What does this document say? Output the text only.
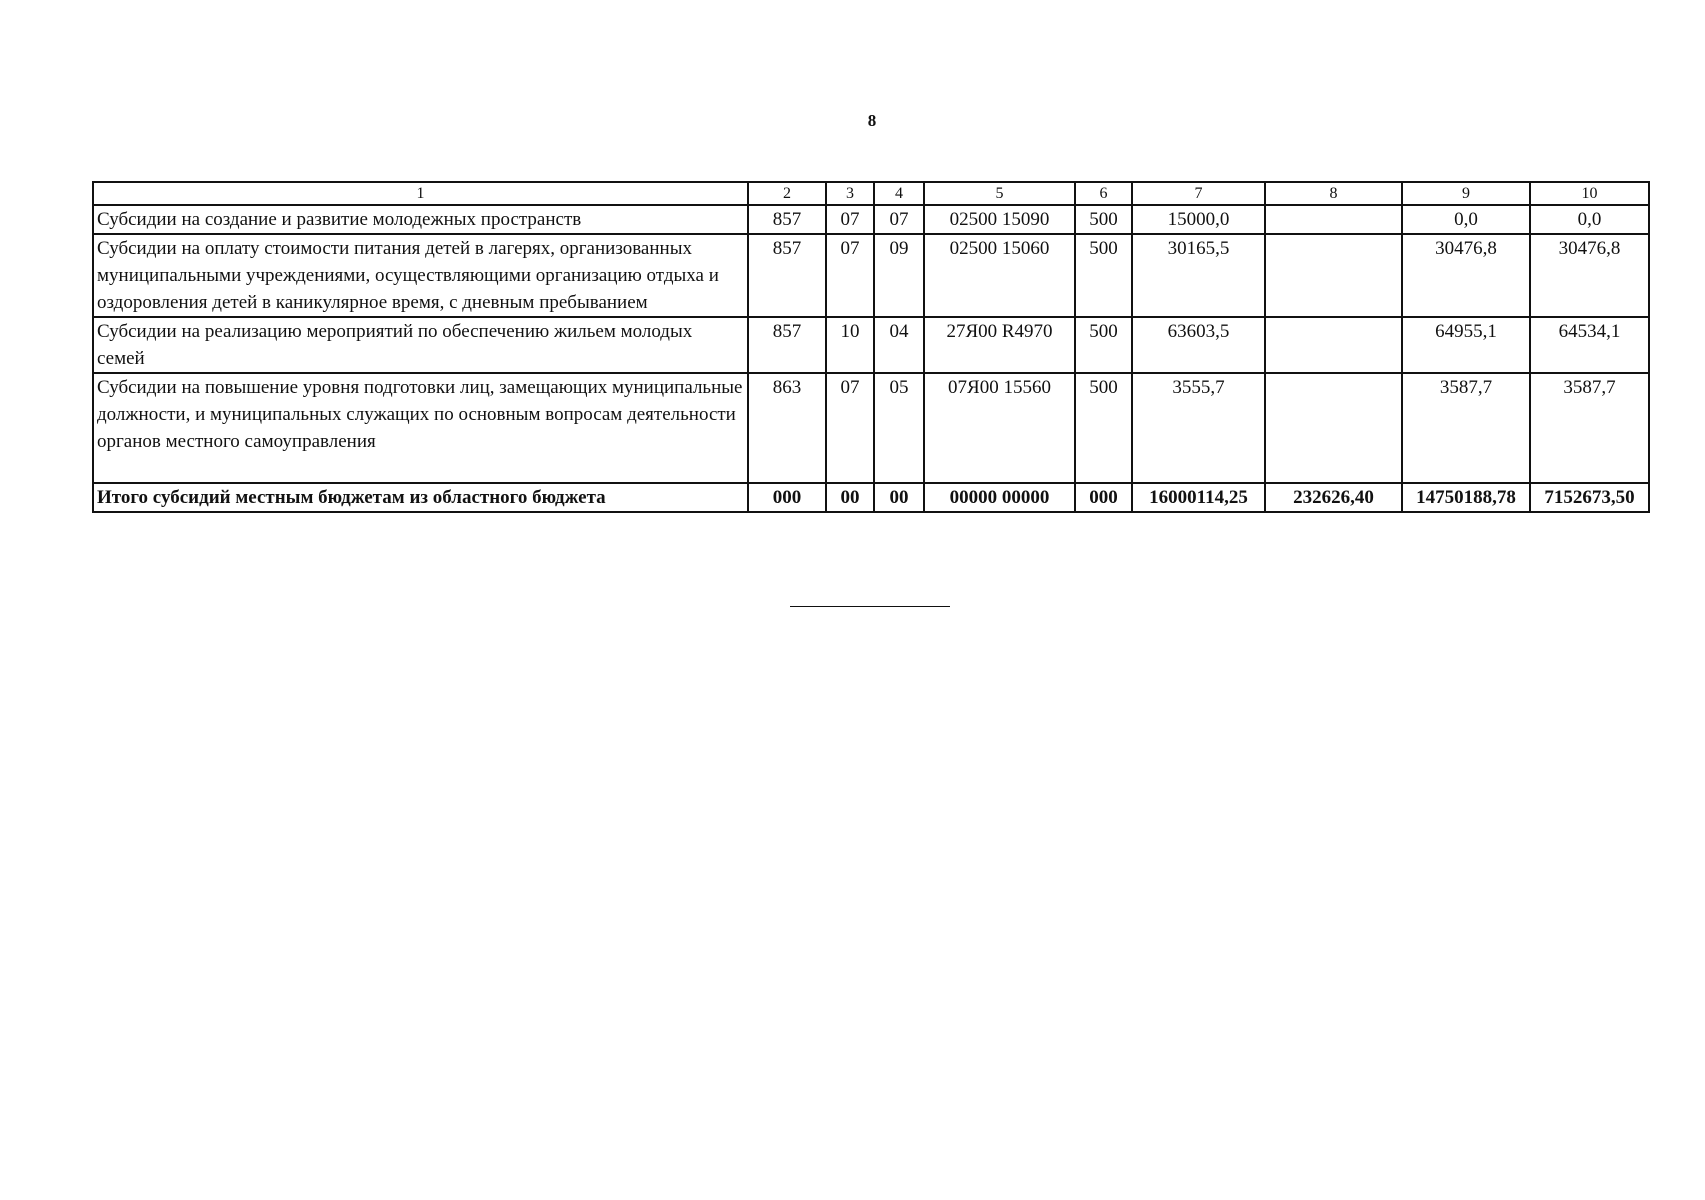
8
1	2	3	4	5	6	7	8	9	10
Субсидии на создание и развитие молодежных пространств	857	07	07	02500 15090	500	15000,0		0,0	0,0
Субсидии на оплату стоимости питания детей в лагерях, организованных муниципальными учреждениями, осуществляющими организацию отдыха и оздоровления детей в каникулярное время, с дневным пребыванием	857	07	09	02500 15060	500	30165,5		30476,8	30476,8
Субсидии на реализацию мероприятий по обеспечению жильем молодых семей	857	10	04	27Я00 R4970	500	63603,5		64955,1	64534,1
Субсидии на повышение уровня подготовки лиц, замещающих муниципальные должности, и муниципальных служащих по основным вопросам деятельности органов местного самоуправления	863	07	05	07Я00 15560	500	3555,7		3587,7	3587,7
Итого субсидий местным бюджетам из областного бюджета	000	00	00	00000 00000	000	16000114,25	232626,40	14750188,78	7152673,50
